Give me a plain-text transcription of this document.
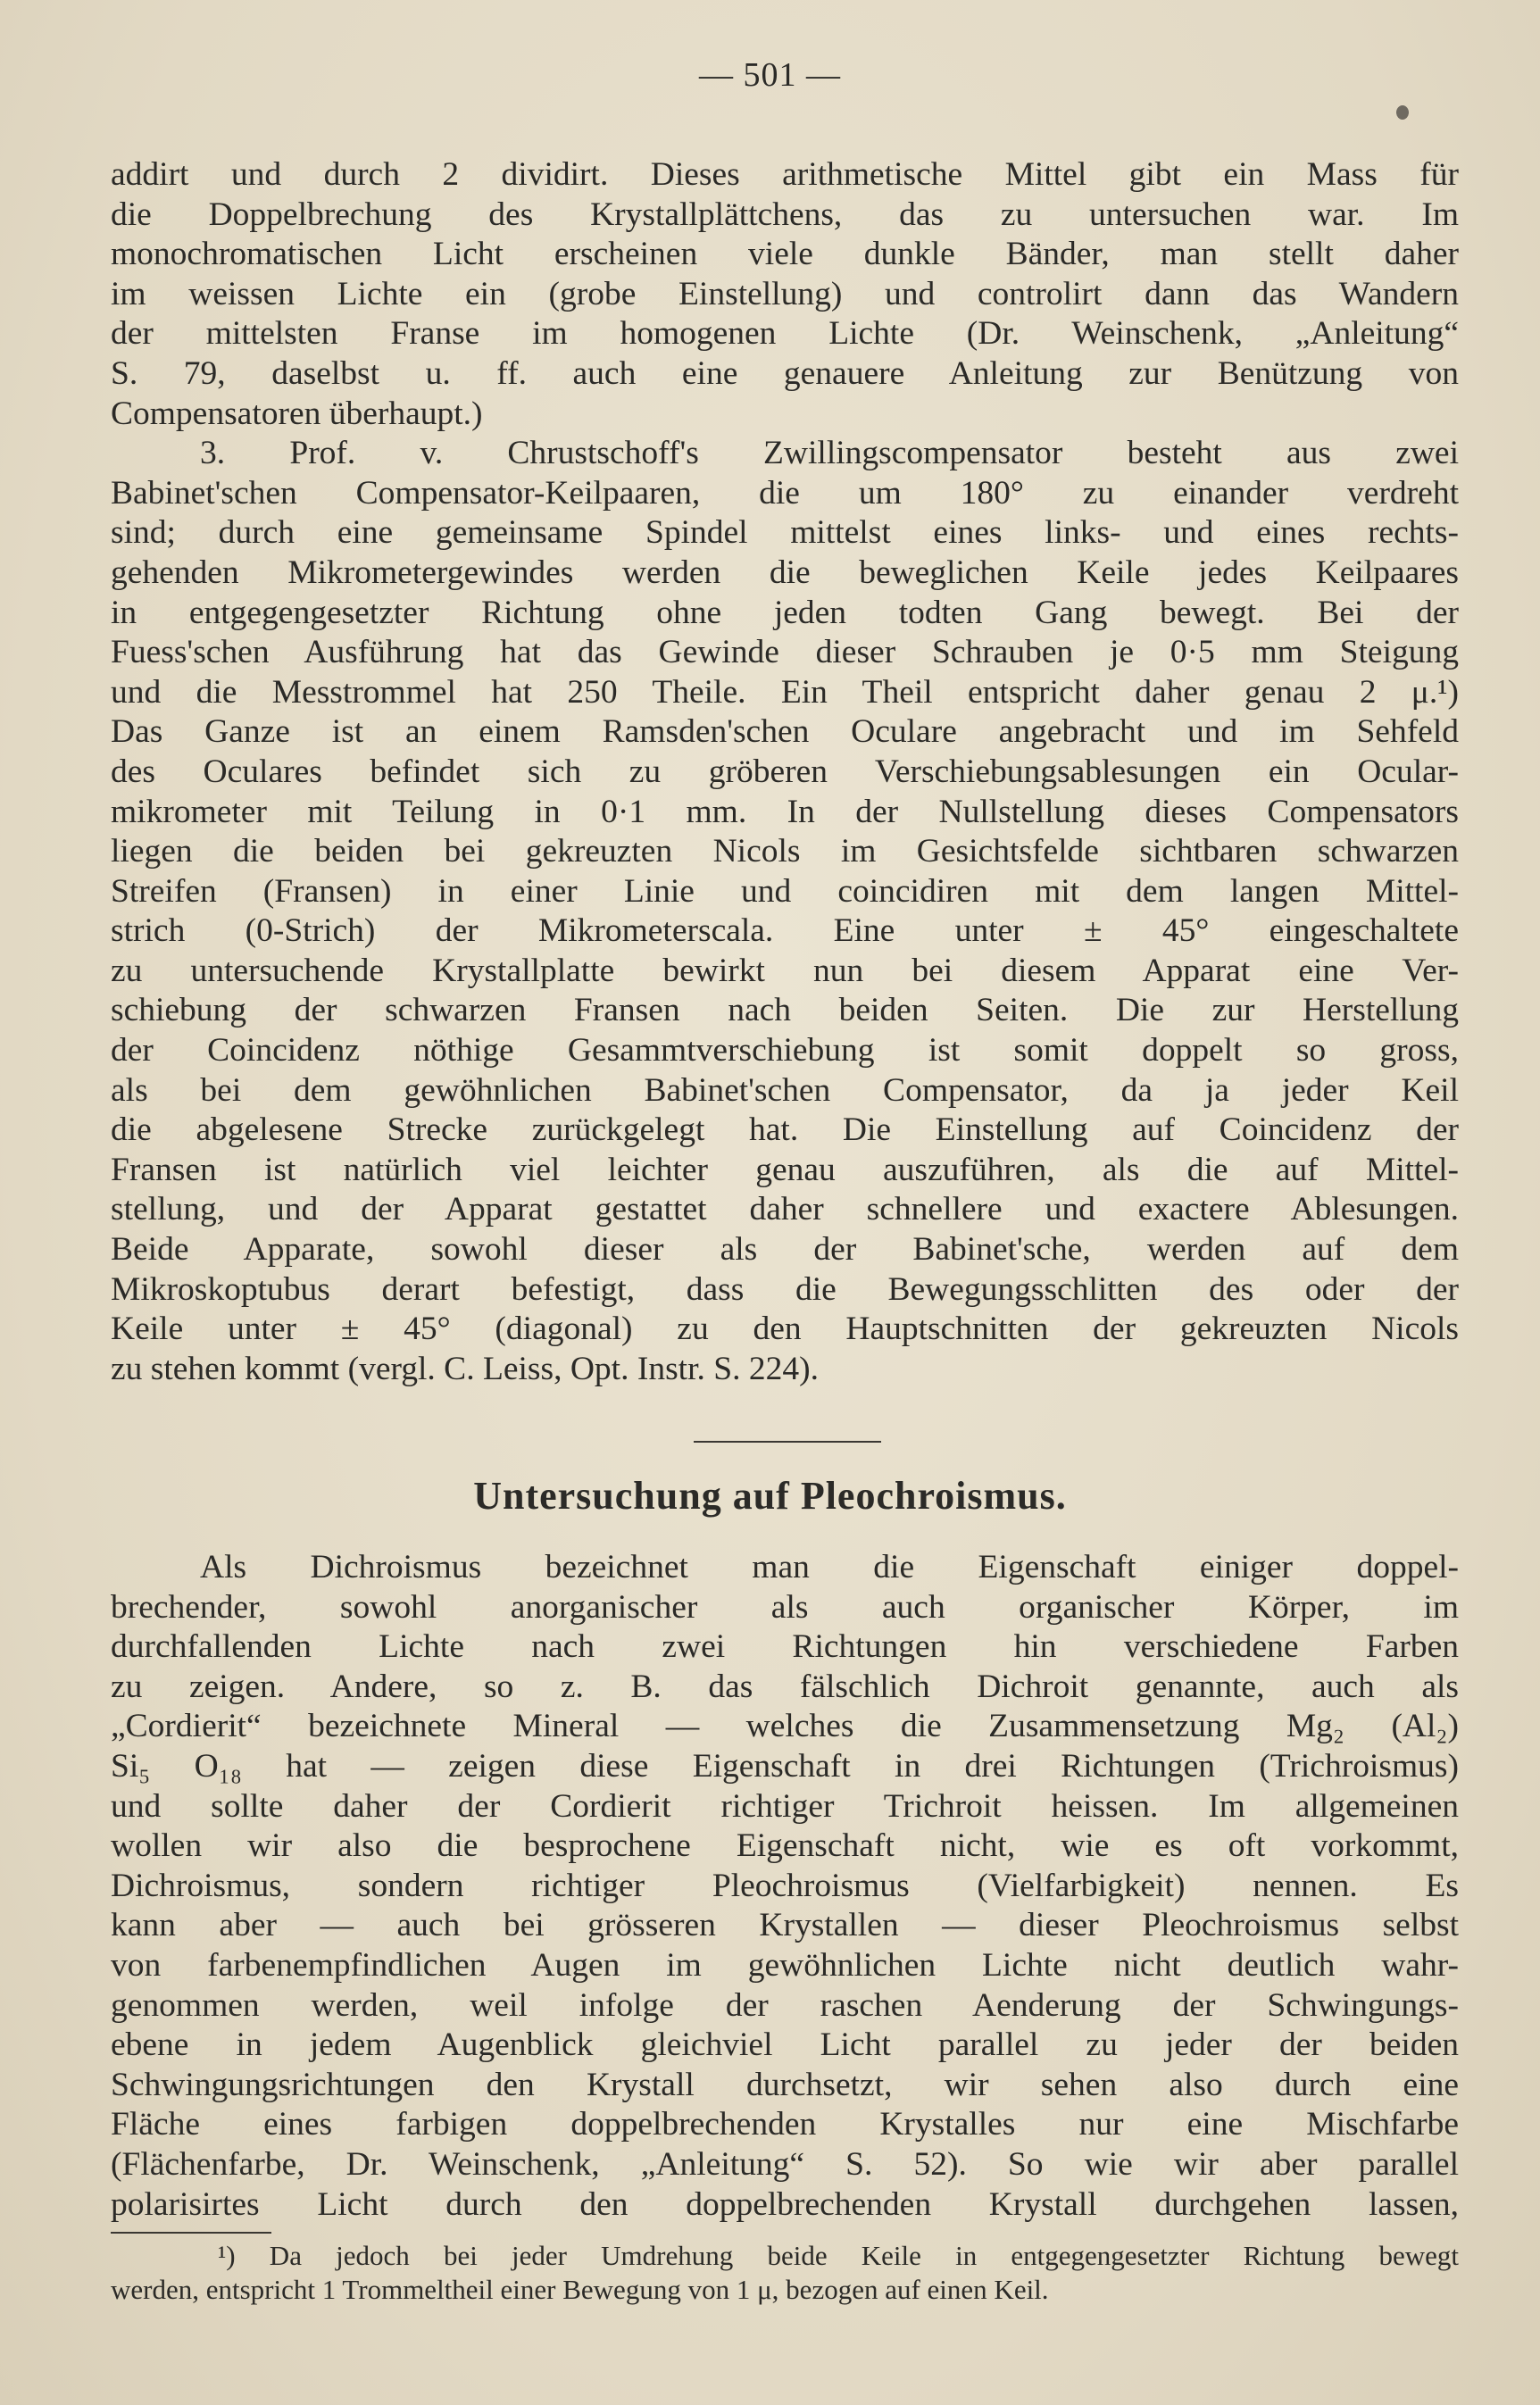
— 501 —

addirt und durch 2 dividirt. Dieses arithmetische Mittel gibt ein Mass für

die Doppelbrechung des Krystallplättchens, das zu untersuchen war. Im

monochromatischen Licht erscheinen viele dunkle Bänder, man stellt daher

im weissen Lichte ein (grobe Einstellung) und controlirt dann das Wandern

der mittelsten Franse im homogenen Lichte (Dr. Weinschenk, „Anleitung“

S. 79, daselbst u. ff. auch eine genauere Anleitung zur Benützung von

Compensatoren überhaupt.)

3. Prof. v. Chrustschoff's Zwillingscompensator besteht aus zwei

Babinet'schen Compensator-Keilpaaren, die um 180° zu einander verdreht

sind; durch eine gemeinsame Spindel mittelst eines links- und eines rechts-

gehenden Mikrometergewindes werden die beweglichen Keile jedes Keilpaares

in entgegengesetzter Richtung ohne jeden todten Gang bewegt. Bei der

Fuess'schen Ausführung hat das Gewinde dieser Schrauben je 0·5 mm Steigung

und die Messtrommel hat 250 Theile. Ein Theil entspricht daher genau 2 μ.¹)

Das Ganze ist an einem Ramsden'schen Oculare angebracht und im Sehfeld

des Oculares befindet sich zu gröberen Verschiebungsablesungen ein Ocular-

mikrometer mit Teilung in 0·1 mm. In der Nullstellung dieses Compensators

liegen die beiden bei gekreuzten Nicols im Gesichtsfelde sichtbaren schwarzen

Streifen (Fransen) in einer Linie und coincidiren mit dem langen Mittel-

strich (0-Strich) der Mikrometerscala. Eine unter ± 45° eingeschaltete

zu untersuchende Krystallplatte bewirkt nun bei diesem Apparat eine Ver-

schiebung der schwarzen Fransen nach beiden Seiten. Die zur Herstellung

der Coincidenz nöthige Gesammtverschiebung ist somit doppelt so gross,

als bei dem gewöhnlichen Babinet'schen Compensator, da ja jeder Keil

die abgelesene Strecke zurückgelegt hat. Die Einstellung auf Coincidenz der

Fransen ist natürlich viel leichter genau auszuführen, als die auf Mittel-

stellung, und der Apparat gestattet daher schnellere und exactere Ablesungen.

Beide Apparate, sowohl dieser als der Babinet'sche, werden auf dem

Mikroskoptubus derart befestigt, dass die Bewegungsschlitten des oder der

Keile unter ± 45° (diagonal) zu den Hauptschnitten der gekreuzten Nicols

zu stehen kommt (vergl. C. Leiss, Opt. Instr. S. 224).

Untersuchung auf Pleochroismus.

Als Dichroismus bezeichnet man die Eigenschaft einiger doppel-

brechender, sowohl anorganischer als auch organischer Körper, im

durchfallenden Lichte nach zwei Richtungen hin verschiedene Farben

zu zeigen. Andere, so z. B. das fälschlich Dichroit genannte, auch als

„Cordierit“ bezeichnete Mineral — welches die Zusammensetzung Mg₂ (Al₂)

Si₅ O₁₈ hat — zeigen diese Eigenschaft in drei Richtungen (Trichroismus)

und sollte daher der Cordierit richtiger Trichroit heissen. Im allgemeinen

wollen wir also die besprochene Eigenschaft nicht, wie es oft vorkommt,

Dichroismus, sondern richtiger Pleochroismus (Vielfarbigkeit) nennen. Es

kann aber — auch bei grösseren Krystallen — dieser Pleochroismus selbst

von farbenempfindlichen Augen im gewöhnlichen Lichte nicht deutlich wahr-

genommen werden, weil infolge der raschen Aenderung der Schwingungs-

ebene in jedem Augenblick gleichviel Licht parallel zu jeder der beiden

Schwingungsrichtungen den Krystall durchsetzt, wir sehen also durch eine

Fläche eines farbigen doppelbrechenden Krystalles nur eine Mischfarbe

(Flächenfarbe, Dr. Weinschenk, „Anleitung“ S. 52). So wie wir aber parallel

polarisirtes Licht durch den doppelbrechenden Krystall durchgehen lassen,

¹) Da jedoch bei jeder Umdrehung beide Keile in entgegengesetzter Richtung bewegt

werden, entspricht 1 Trommeltheil einer Bewegung von 1 μ, bezogen auf einen Keil.
